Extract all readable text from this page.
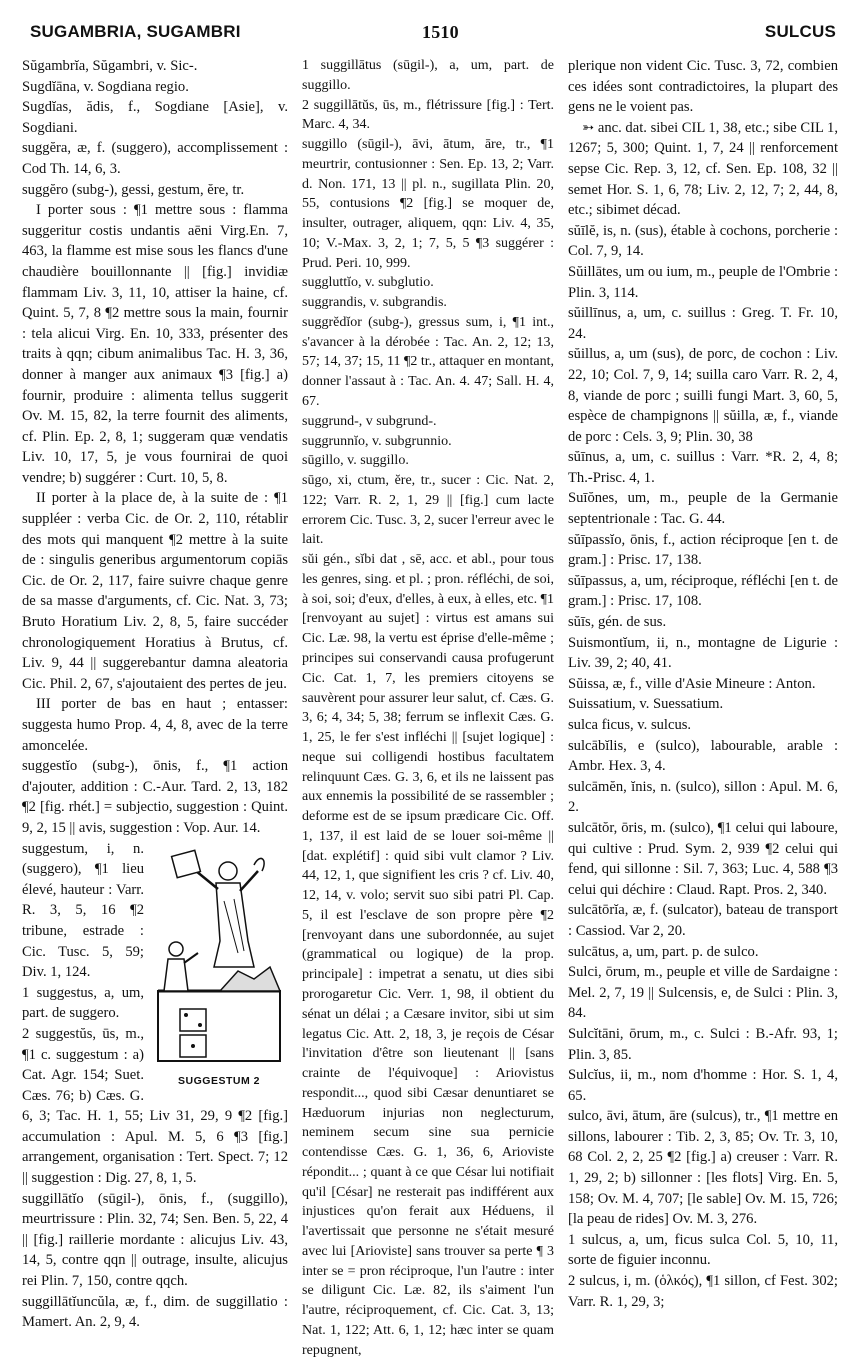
SUGAMBRIA, SUGAMBRI	1510	SULCUS

Sŭgambrĭa, Sŭgambri, v. Sic-.

Sugdĭāna, v. Sogdiana regio.

Sugdĭas, ădis, f., Sogdiane [Asie], v. Sogdiani.

suggĕra, æ, f. (suggero), accomplissement : Cod Th. 14, 6, 3.

suggĕro (subg-), gessi, gestum, ĕre, tr.

I porter sous : ¶1 mettre sous : flamma suggeritur costis undantis aēni Virg.En. 7, 463, la flamme est mise sous les flancs d'une chaudière bouillonnante || [fig.] invidiæ flammam Liv. 3, 11, 10, attiser la haine, cf. Quint. 5, 7, 8 ¶2 mettre sous la main, fournir : tela alicui Virg. En. 10, 333, présenter des traits à qqn; cibum animalibus Tac. H. 3, 36, donner à manger aux animaux ¶3 [fig.] a) fournir, produire : alimenta tellus suggerit Ov. M. 15, 82, la terre fournit des aliments, cf. Plin. Ep. 2, 8, 1; suggeram quæ vendatis Liv. 10, 17, 5, je vous fournirai de quoi vendre; b) suggérer : Curt. 10, 5, 8.

II porter à la place de, à la suite de : ¶1 suppléer : verba Cic. de Or. 2, 110, rétablir des mots qui manquent ¶2 mettre à la suite de : singulis generibus argumentorum copiās Cic. de Or. 2, 117, faire suivre chaque genre de sa masse d'arguments, cf. Cic. Nat. 3, 73; Bruto Horatium Liv. 2, 8, 5, faire succéder chronologiquement Horatius à Brutus, cf. Liv. 9, 44 || suggerebantur damna aleatoria Cic. Phil. 2, 67, s'ajoutaient des pertes de jeu.

III porter de bas en haut ; entasser: suggesta humo Prop. 4, 4, 8, avec de la terre amoncelée.

suggestĭo (subg-), ōnis, f., ¶1 action d'ajouter, addition : C.-Aur. Tard. 2, 13, 182 ¶2 [fig. rhét.] = subjectio, suggestion : Quint. 9, 2, 15 || avis, suggestion : Vop. Aur. 14.

SUGGESTUM 2

suggestum, i, n. (suggero), ¶1 lieu élevé, hauteur : Varr. R. 3, 5, 16 ¶2 tribune, estrade : Cic. Tusc. 5, 59; Div. 1, 124.

1 suggestus, a, um, part. de suggero.

2 suggestŭs, ūs, m., ¶1 c. suggestum : a) Cat. Agr. 154; Suet. Cæs. 76; b) Cæs. G. 6, 3; Tac. H. 1, 55; Liv 31, 29, 9 ¶2 [fig.] accumulation : Apul. M. 5, 6 ¶3 [fig.] arrangement, organisation : Tert. Spect. 7; 12 || suggestion : Dig. 27, 8, 1, 5.

suggillātĭo (sūgil-), ōnis, f., (suggillo), meurtrissure : Plin. 32, 74; Sen. Ben. 5, 22, 4 || [fig.] raillerie mordante : alicujus Liv. 43, 14, 5, contre qqn || outrage, insulte, alicujus rei Plin. 7, 150, contre qqch.

suggillātĭuncŭla, æ, f., dim. de suggillatio : Mamert. An. 2, 9, 4.

1 suggillātus (sūgil-), a, um, part. de suggillo.

2 suggillātŭs, ūs, m., flétrissure [fig.] : Tert. Marc. 4, 34.

suggillo (sūgil-), āvi, ātum, āre, tr., ¶1 meurtrir, contusionner : Sen. Ep. 13, 2; Varr. d. Non. 171, 13 || pl. n., sugillata Plin. 20, 55, contusions ¶2 [fig.] se moquer de, insulter, outrager, aliquem, qqn: Liv. 4, 35, 10; V.-Max. 3, 2, 1; 7, 5, 5 ¶3 suggérer : Prud. Peri. 10, 999.

suggluttĭo, v. subglutio.

suggrandis, v. subgrandis.

suggrĕdĭor (subg-), gressus sum, i, ¶1 int., s'avancer à la dérobée : Tac. An. 2, 12; 13, 57; 14, 37; 15, 11 ¶2 tr., attaquer en montant, donner l'assaut à : Tac. An. 4. 47; Sall. H. 4, 67.

suggrund-, v subgrund-.

suggrunnĭo, v. subgrunnio.

sūgillo, v. suggillo.

sūgo, xi, ctum, ĕre, tr., sucer : Cic. Nat. 2, 122; Varr. R. 2, 1, 29 || [fig.] cum lacte errorem Cic. Tusc. 3, 2, sucer l'erreur avec le lait.

sŭi gén., sĭbi dat , sē, acc. et abl., pour tous les genres, sing. et pl. ; pron. réfléchi, de soi, à soi, soi; d'eux, d'elles, à eux, à elles, etc. ¶1 [renvoyant au sujet] : virtus est amans sui Cic. Læ. 98, la vertu est éprise d'elle-même ; principes sui conservandi causa profugerunt Cic. Cat. 1, 7, les premiers citoyens se sauvèrent pour assurer leur salut, cf. Cæs. G. 3, 6; 4, 34; 5, 38; ferrum se inflexit Cæs. G. 1, 25, le fer s'est infléchi || [sujet logique] : neque sui colligendi hostibus facultatem relinquunt Cæs. G. 3, 6, et ils ne laissent pas aux ennemis la possibilité de se rassembler ; deforme est de se ipsum prædicare Cic. Off. 1, 137, il est laid de se louer soi-même || [dat. explétif] : quid sibi vult clamor ? Liv. 44, 12, 1, que signifient les cris ? cf. Liv. 40, 12, 14, v. volo; servit suo sibi patri Pl. Cap. 5, il est l'esclave de son propre père ¶2 [renvoyant dans une subordonnée, au sujet (grammatical ou logique) de la prop. principale] : impetrat a senatu, ut dies sibi prorogaretur Cic. Verr. 1, 98, il obtient du sénat un délai ; a Cæsare invitor, sibi ut sim legatus Cic. Att. 2, 18, 3, je reçois de César l'invitation d'être son lieutenant || [sans crainte de l'équivoque] : Ariovistus respondit..., quod sibi Cæsar denuntiaret se Hæduorum injurias non neglecturum, neminem secum sine sua pernicie contendisse Cæs. G. 1, 36, 6, Arioviste répondit... ; quant à ce que César lui notifiait qu'il [César] ne resterait pas indifférent aux injustices qu'on ferait aux Héduens, il l'avertissait que personne ne s'était mesuré avec lui [Arioviste] sans trouver sa perte ¶ 3 inter se = pron réciproque, l'un l'autre : inter se diligunt Cic. Læ. 82, ils s'aiment l'un l'autre, réciproquement, cf. Cic. Cat. 3, 13; Nat. 1, 122; Att. 6, 1, 12; hæc inter se quam repugnent,

plerique non vident Cic. Tusc. 3, 72, combien ces idées sont contradictoires, la plupart des gens ne le voient pas.

➳ anc. dat. sibei CIL 1, 38, etc.; sibe CIL 1, 1267; 5, 300; Quint. 1, 7, 24 || renforcement sepse Cic. Rep. 3, 12, cf. Sen. Ep. 108, 32 || semet Hor. S. 1, 6, 78; Liv. 2, 12, 7; 2, 44, 8, etc.; sibimet décad.

sŭīlĕ, is, n. (sus), étable à cochons, porcherie : Col. 7, 9, 14.

Sŭillātes, um ou ium, m., peuple de l'Ombrie : Plin. 3, 114.

sŭillīnus, a, um, c. suillus : Greg. T. Fr. 10, 24.

sŭillus, a, um (sus), de porc, de cochon : Liv. 22, 10; Col. 7, 9, 14; suilla caro Varr. R. 2, 4, 8, viande de porc ; suilli fungi Mart. 3, 60, 5, espèce de champignons || sŭilla, æ, f., viande de porc : Cels. 3, 9; Plin. 30, 38

sŭīnus, a, um, c. suillus : Varr. *R. 2, 4, 8; Th.-Prisc. 4, 1.

Suīŏnes, um, m., peuple de la Germanie septentrionale : Tac. G. 44.

sŭīpassĭo, ōnis, f., action réciproque [en t. de gram.] : Prisc. 17, 138.

sŭīpassus, a, um, réciproque, réfléchi [en t. de gram.] : Prisc. 17, 108.

sŭīs, gén. de sus.

Suismontĭum, ii, n., montagne de Ligurie : Liv. 39, 2; 40, 41.

Sŭissa, æ, f., ville d'Asie Mineure : Anton.

Suissatium, v. Suessatium.

sulca ficus, v. sulcus.

sulcābĭlis, e (sulco), labourable, arable : Ambr. Hex. 3, 4.

sulcāmĕn, ĭnis, n. (sulco), sillon : Apul. M. 6, 2.

sulcātŏr, ōris, m. (sulco), ¶1 celui qui laboure, qui cultive : Prud. Sym. 2, 939 ¶2 celui qui fend, qui sillonne : Sil. 7, 363; Luc. 4, 588 ¶3 celui qui déchire : Claud. Rapt. Pros. 2, 340.

sulcātōrĭa, æ, f. (sulcator), bateau de transport : Cassiod. Var 2, 20.

sulcātus, a, um, part. p. de sulco.

Sulci, ōrum, m., peuple et ville de Sardaigne : Mel. 2, 7, 19 || Sulcensis, e, de Sulci : Plin. 3, 84.

Sulcĭtāni, ōrum, m., c. Sulci : B.-Afr. 93, 1; Plin. 3, 85.

Sulcĭus, ii, m., nom d'homme : Hor. S. 1, 4, 65.

sulco, āvi, ātum, āre (sulcus), tr., ¶1 mettre en sillons, labourer : Tib. 2, 3, 85; Ov. Tr. 3, 10, 68 Col. 2, 2, 25 ¶2 [fig.] a) creuser : Varr. R. 1, 29, 2; b) sillonner : [les flots] Virg. En. 5, 158; Ov. M. 4, 707; [le sable] Ov. M. 15, 726; [la peau de rides] Ov. M. 3, 276.

1 sulcus, a, um, ficus sulca Col. 5, 10, 11, sorte de figuier inconnu.

2 sulcus, i, m. (ὁλκός), ¶1 sillon, cf Fest. 302; Varr. R. 1, 29, 3;
